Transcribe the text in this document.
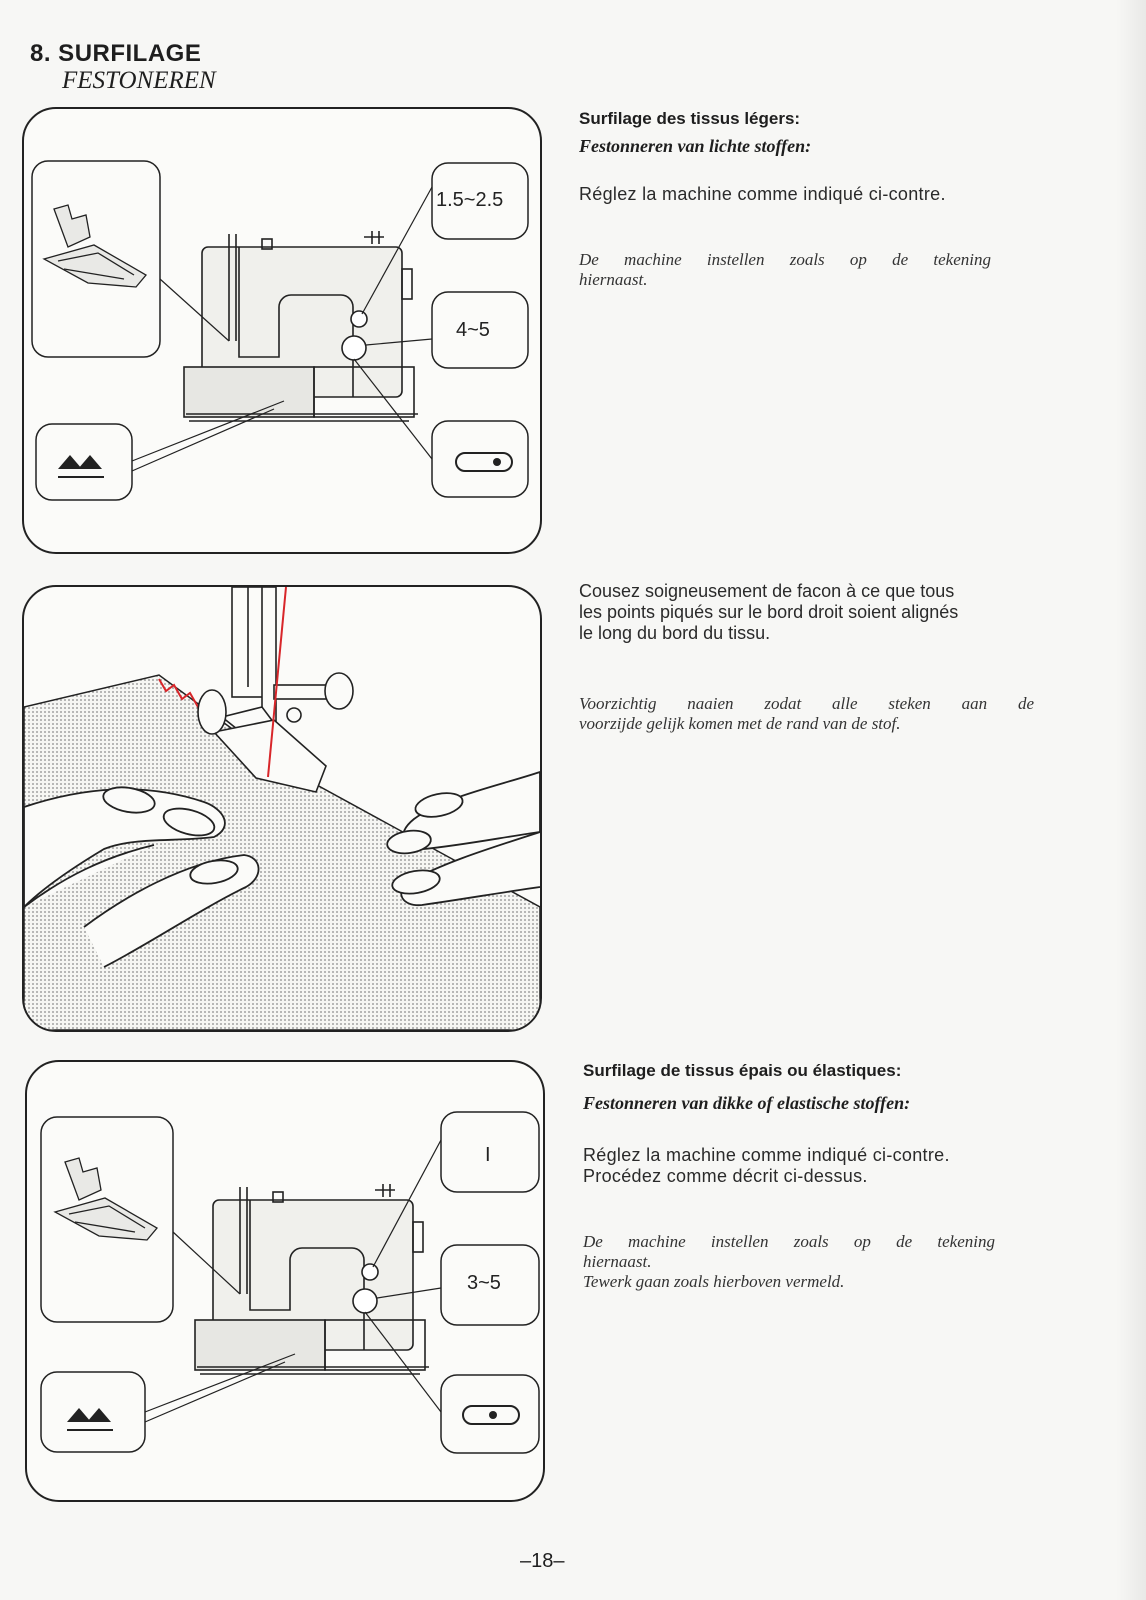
8. SURFILAGE
FESTONEREN
1.5~2.5
4~5
Surfilage des tissus légers:
Festonneren van lichte stoffen:
Réglez la machine comme indiqué ci-contre.
De machine instellen zoals op de tekening
hiernaast.
Cousez soigneusement de facon à ce que tous
les points piqués sur le bord droit soient alignés
le long du bord du tissu.
Voorzichtig naaien zodat alle steken aan de
voorzijde gelijk komen met de rand van de stof.
I
3~5
Surfilage de tissus épais ou élastiques:
Festonneren van dikke of elastische stoffen:
Réglez la machine comme indiqué ci-contre.
Procédez comme décrit ci-dessus.
De machine instellen zoals op de tekening
hiernaast.
Tewerk gaan zoals hierboven vermeld.
–18–
